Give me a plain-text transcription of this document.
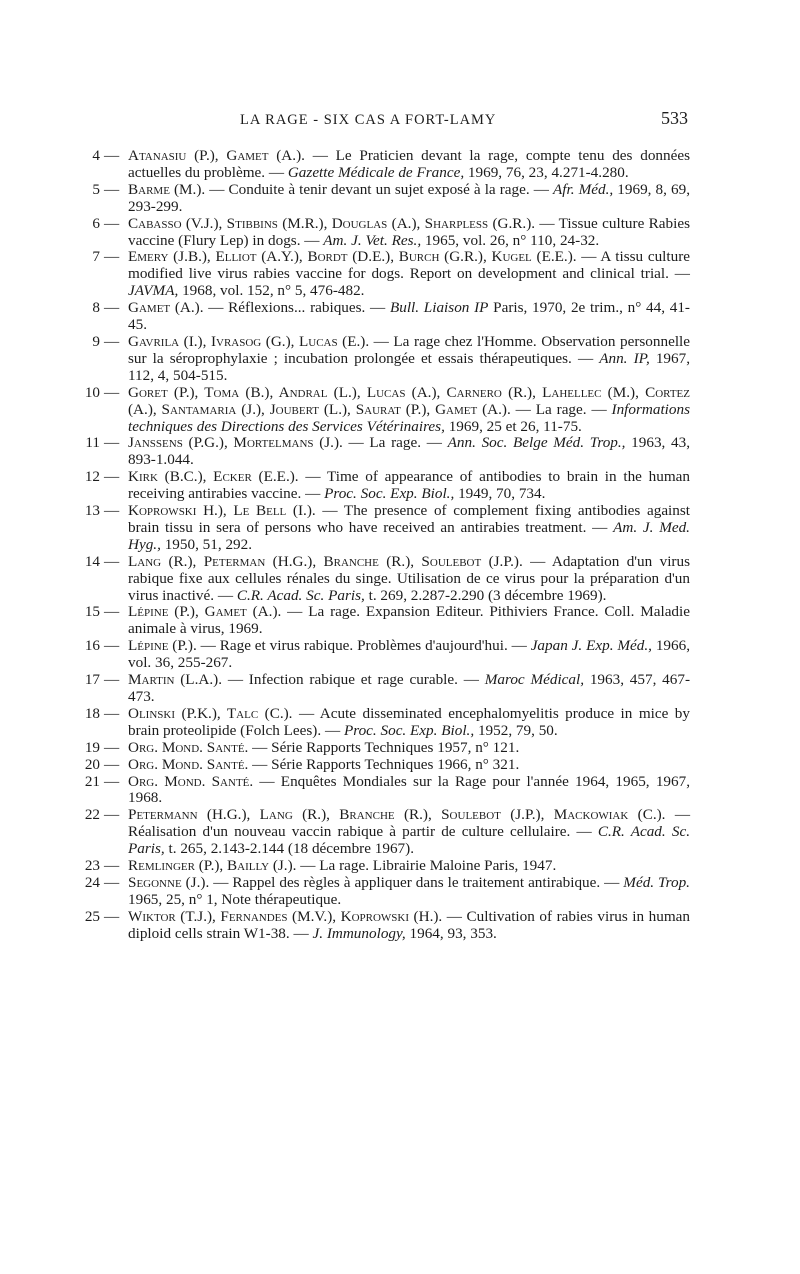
LA RAGE - SIX CAS A FORT-LAMY	533

4 — Atanasiu (P.), Gamet (A.). — Le Praticien devant la rage, compte tenu des données actuelles du problème. — Gazette Médicale de France, 1969, 76, 23, 4.271-4.280.

5 — Barme (M.). — Conduite à tenir devant un sujet exposé à la rage. — Afr. Méd., 1969, 8, 69, 293-299.

6 — Cabasso (V.J.), Stibbins (M.R.), Douglas (A.), Sharpless (G.R.). — Tissue culture Rabies vaccine (Flury Lep) in dogs. — Am. J. Vet. Res., 1965, vol. 26, n° 110, 24-32.

7 — Emery (J.B.), Elliot (A.Y.), Bordt (D.E.), Burch (G.R.), Kugel (E.E.). — A tissu culture modified live virus rabies vaccine for dogs. Report on development and clinical trial. — JAVMA, 1968, vol. 152, n° 5, 476-482.

8 — Gamet (A.). — Réflexions... rabiques. — Bull. Liaison IP Paris, 1970, 2e trim., n° 44, 41-45.

9 — Gavrila (I.), Ivrasog (G.), Lucas (E.). — La rage chez l'Homme. Observation personnelle sur la séroprophylaxie ; incubation prolongée et essais thérapeutiques. — Ann. IP, 1967, 112, 4, 504-515.

10 — Goret (P.), Toma (B.), Andral (L.), Lucas (A.), Carnero (R.), Lahellec (M.), Cortez (A.), Santamaria (J.), Joubert (L.), Saurat (P.), Gamet (A.). — La rage. — Informations techniques des Directions des Services Vétérinaires, 1969, 25 et 26, 11-75.

11 — Janssens (P.G.), Mortelmans (J.). — La rage. — Ann. Soc. Belge Méd. Trop., 1963, 43, 893-1.044.

12 — Kirk (B.C.), Ecker (E.E.). — Time of appearance of antibodies to brain in the human receiving antirabies vaccine. — Proc. Soc. Exp. Biol., 1949, 70, 734.

13 — Koprowski H.), Le Bell (I.). — The presence of complement fixing antibodies against brain tissu in sera of persons who have received an antirabies treatment. — Am. J. Med. Hyg., 1950, 51, 292.

14 — Lang (R.), Peterman (H.G.), Branche (R.), Soulebot (J.P.). — Adaptation d'un virus rabique fixe aux cellules rénales du singe. Utilisation de ce virus pour la préparation d'un virus inactivé. — C.R. Acad. Sc. Paris, t. 269, 2.287-2.290 (3 décembre 1969).

15 — Lépine (P.), Gamet (A.). — La rage. Expansion Editeur. Pithiviers France. Coll. Maladie animale à virus, 1969.

16 — Lépine (P.). — Rage et virus rabique. Problèmes d'aujourd'hui. — Japan J. Exp. Méd., 1966, vol. 36, 255-267.

17 — Martin (L.A.). — Infection rabique et rage curable. — Maroc Médical, 1963, 457, 467-473.

18 — Olinski (P.K.), Talc (C.). — Acute disseminated encephalomyelitis produce in mice by brain proteolipide (Folch Lees). — Proc. Soc. Exp. Biol., 1952, 79, 50.

19 — Org. Mond. Santé. — Série Rapports Techniques 1957, n° 121.

20 — Org. Mond. Santé. — Série Rapports Techniques 1966, n° 321.

21 — Org. Mond. Santé. — Enquêtes Mondiales sur la Rage pour l'année 1964, 1965, 1967, 1968.

22 — Petermann (H.G.), Lang (R.), Branche (R.), Soulebot (J.P.), Mackowiak (C.). — Réalisation d'un nouveau vaccin rabique à partir de culture cellulaire. — C.R. Acad. Sc. Paris, t. 265, 2.143-2.144 (18 décembre 1967).

23 — Remlinger (P.), Bailly (J.). — La rage. Librairie Maloine Paris, 1947.

24 — Segonne (J.). — Rappel des règles à appliquer dans le traitement antirabique. — Méd. Trop. 1965, 25, n° 1, Note thérapeutique.

25 — Wiktor (T.J.), Fernandes (M.V.), Koprowski (H.). — Cultivation of rabies virus in human diploid cells strain W1-38. — J. Immunology, 1964, 93, 353.
